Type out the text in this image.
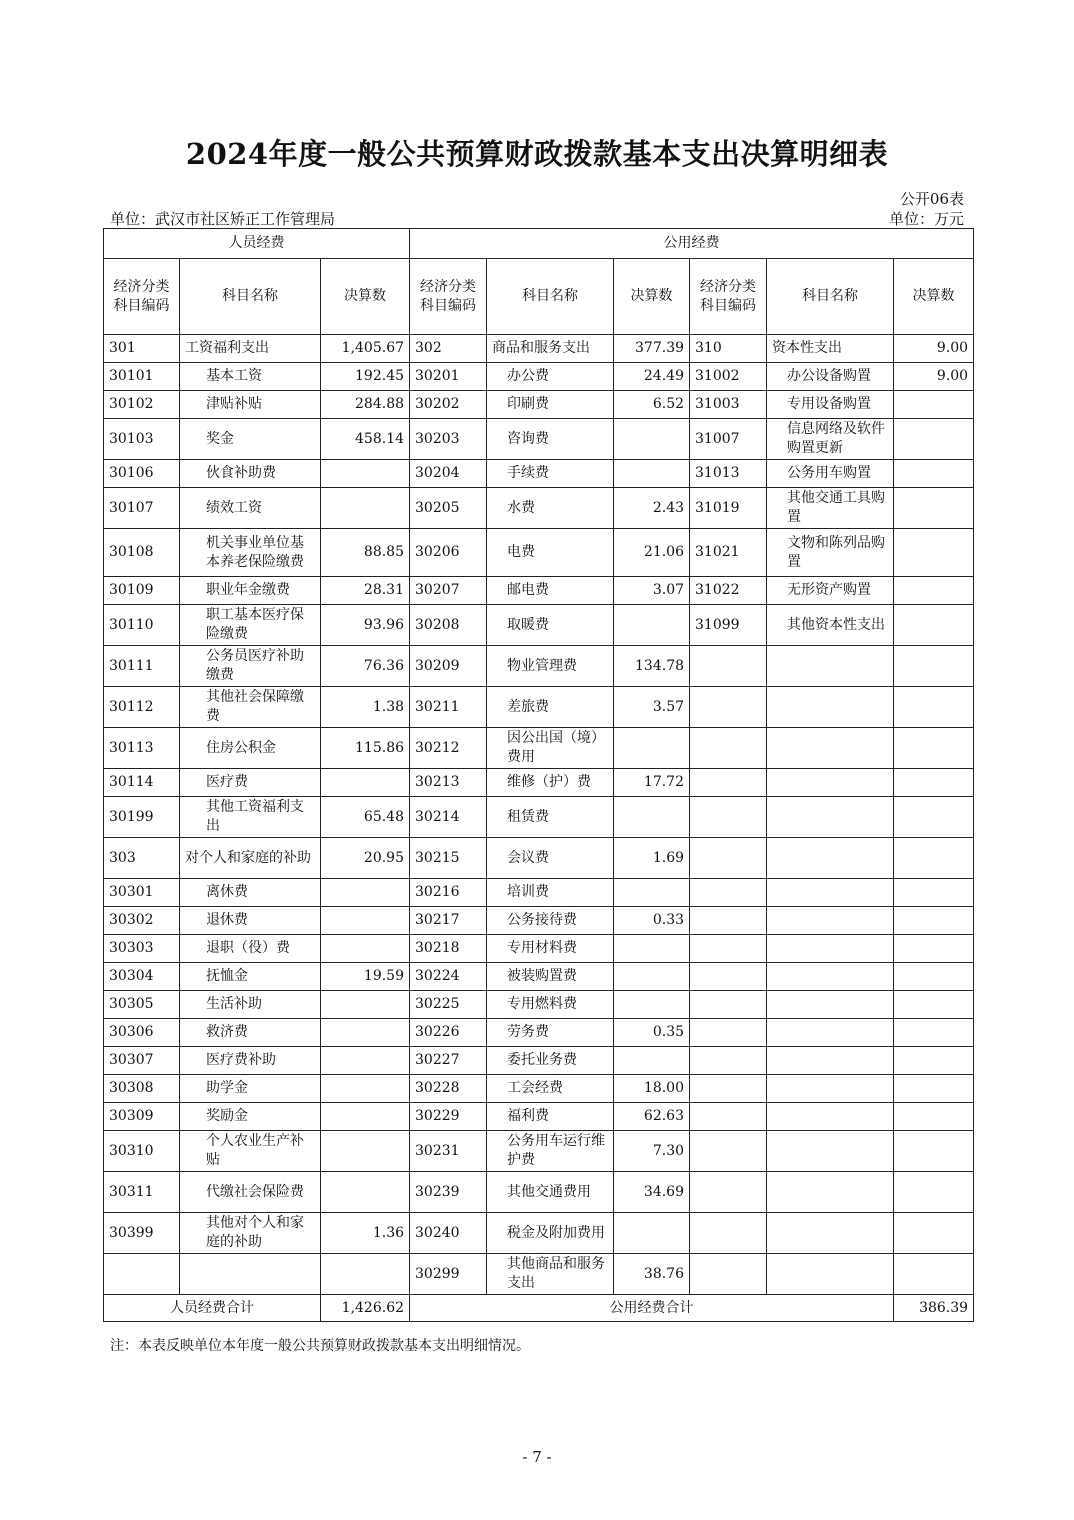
2024年度一般公共预算财政拨款基本支出决算明细表
公开06表
单位：武汉市社区矫正工作管理局	单位：万元
人员经费			公用经费					
经济分类科目编码	科目名称	决算数	经济分类科目编码	科目名称	决算数	经济分类科目编码	科目名称	决算数
301	工资福利支出	1,405.67	302	商品和服务支出	377.39	310	资本性支出	9.00
30101	基本工资	192.45	30201	办公费	24.49	31002	办公设备购置	9.00
30102	津贴补贴	284.88	30202	印刷费	6.52	31003	专用设备购置	
30103	奖金	458.14	30203	咨询费		31007	信息网络及软件购置更新	
30106	伙食补助费		30204	手续费		31013	公务用车购置	
30107	绩效工资		30205	水费	2.43	31019	其他交通工具购置	
30108	机关事业单位基本养老保险缴费	88.85	30206	电费	21.06	31021	文物和陈列品购置	
30109	职业年金缴费	28.31	30207	邮电费	3.07	31022	无形资产购置	
30110	职工基本医疗保险缴费	93.96	30208	取暖费		31099	其他资本性支出	
30111	公务员医疗补助缴费	76.36	30209	物业管理费	134.78			
30112	其他社会保障缴费	1.38	30211	差旅费	3.57			
30113	住房公积金	115.86	30212	因公出国（境）费用				
30114	医疗费		30213	维修（护）费	17.72			
30199	其他工资福利支出	65.48	30214	租赁费				
303	对个人和家庭的补助	20.95	30215	会议费	1.69			
30301	离休费		30216	培训费				
30302	退休费		30217	公务接待费	0.33			
30303	退职（役）费		30218	专用材料费				
30304	抚恤金	19.59	30224	被装购置费				
30305	生活补助		30225	专用燃料费				
30306	救济费		30226	劳务费	0.35			
30307	医疗费补助		30227	委托业务费				
30308	助学金		30228	工会经费	18.00			
30309	奖励金		30229	福利费	62.63			
30310	个人农业生产补贴		30231	公务用车运行维护费	7.30			
30311	代缴社会保险费		30239	其他交通费用	34.69			
30399	其他对个人和家庭的补助	1.36	30240	税金及附加费用				
			30299	其他商品和服务支出	38.76			
人员经费合计		1,426.62	公用经费合计					386.39
注：本表反映单位本年度一般公共预算财政拨款基本支出明细情况。
- 7 -
